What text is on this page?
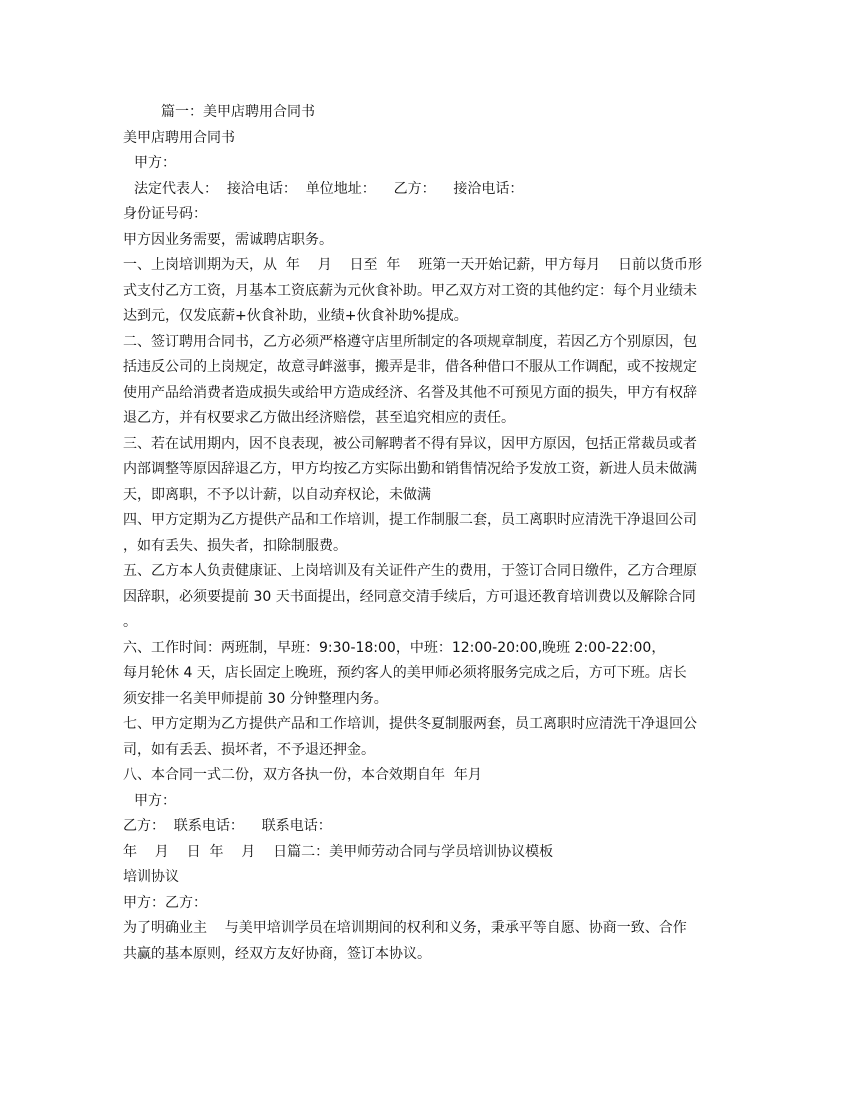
篇一：美甲店聘用合同书

美甲店聘用合同书

甲方：

法定代表人：  接洽电话：  单位地址：    乙方：    接洽电话：

身份证号码：

甲方因业务需要，需诚聘店职务。

一、上岗培训期为天，从  年    月    日至  年    班第一天开始记薪，甲方每月    日前以货币形

式支付乙方工资，月基本工资底薪为元伙食补助。甲乙双方对工资的其他约定：每个月业绩未

达到元，仅发底薪+伙食补助，业绩+伙食补助%提成。

二、签订聘用合同书，乙方必须严格遵守店里所制定的各项规章制度，若因乙方个别原因，包

括违反公司的上岗规定，故意寻衅滋事，搬弄是非，借各种借口不服从工作调配，或不按规定

使用产品给消费者造成损失或给甲方造成经济、名誉及其他不可预见方面的损失，甲方有权辞

退乙方，并有权要求乙方做出经济赔偿，甚至追究相应的责任。

三、若在试用期内，因不良表现，被公司解聘者不得有异议，因甲方原因，包括正常裁员或者

内部调整等原因辞退乙方，甲方均按乙方实际出勤和销售情况给予发放工资，新进人员未做满

天，即离职，不予以计薪，以自动弃权论，未做满

四、甲方定期为乙方提供产品和工作培训，提工作制服二套，员工离职时应清洗干净退回公司

，如有丢失、损失者，扣除制服费。

五、乙方本人负责健康证、上岗培训及有关证件产生的费用，于签订合同日缴件，乙方合理原

因辞职，必须要提前 30 天书面提出，经同意交清手续后，方可退还教育培训费以及解除合同

。

六、工作时间：两班制，早班：9:30-18:00，中班：12:00-20:00,晚班 2:00-22:00，

每月轮休 4 天，店长固定上晚班，预约客人的美甲师必须将服务完成之后，方可下班。店长

须安排一名美甲师提前 30 分钟整理内务。

七、甲方定期为乙方提供产品和工作培训，提供冬夏制服两套，员工离职时应清洗干净退回公

司，如有丢丢、损坏者，不予退还押金。

八、本合同一式二份，双方各执一份，本合效期自年  年月

甲方：

乙方：  联系电话：    联系电话：

年    月    日  年    月    日篇二：美甲师劳动合同与学员培训协议模板

培训协议

甲方：乙方：

为了明确业主    与美甲培训学员在培训期间的权利和义务，秉承平等自愿、协商一致、合作

共赢的基本原则，经双方友好协商，签订本协议。
